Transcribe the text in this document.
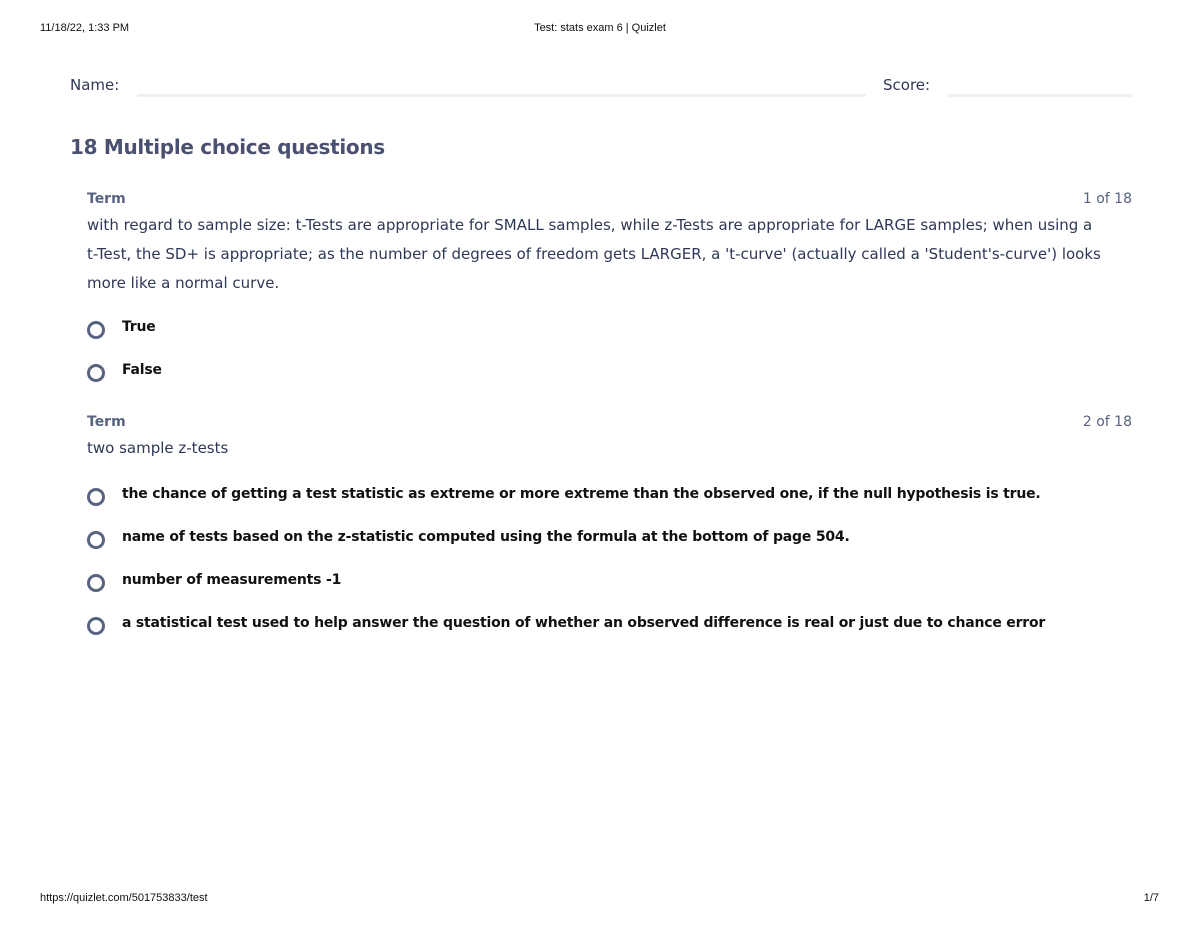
Test: stats exam 6 | Quizlet
11/18/22, 1:33 PM
Name:	Score:
18 Multiple choice questions
Term	1 of 18
with regard to sample size: t-Tests are appropriate for SMALL samples, while z-Tests are appropriate for LARGE samples; when using a t-Test, the SD+ is appropriate; as the number of degrees of freedom gets LARGER, a 't-curve' (actually called a 'Student's-curve') looks more like a normal curve.
True
False
Term	2 of 18
two sample z-tests
the chance of getting a test statistic as extreme or more extreme than the observed one, if the null hypothesis is true.
name of tests based on the z-statistic computed using the formula at the bottom of page 504.
number of measurements -1
a statistical test used to help answer the question of whether an observed difference is real or just due to chance error
https://quizlet.com/501753833/test	1/7
